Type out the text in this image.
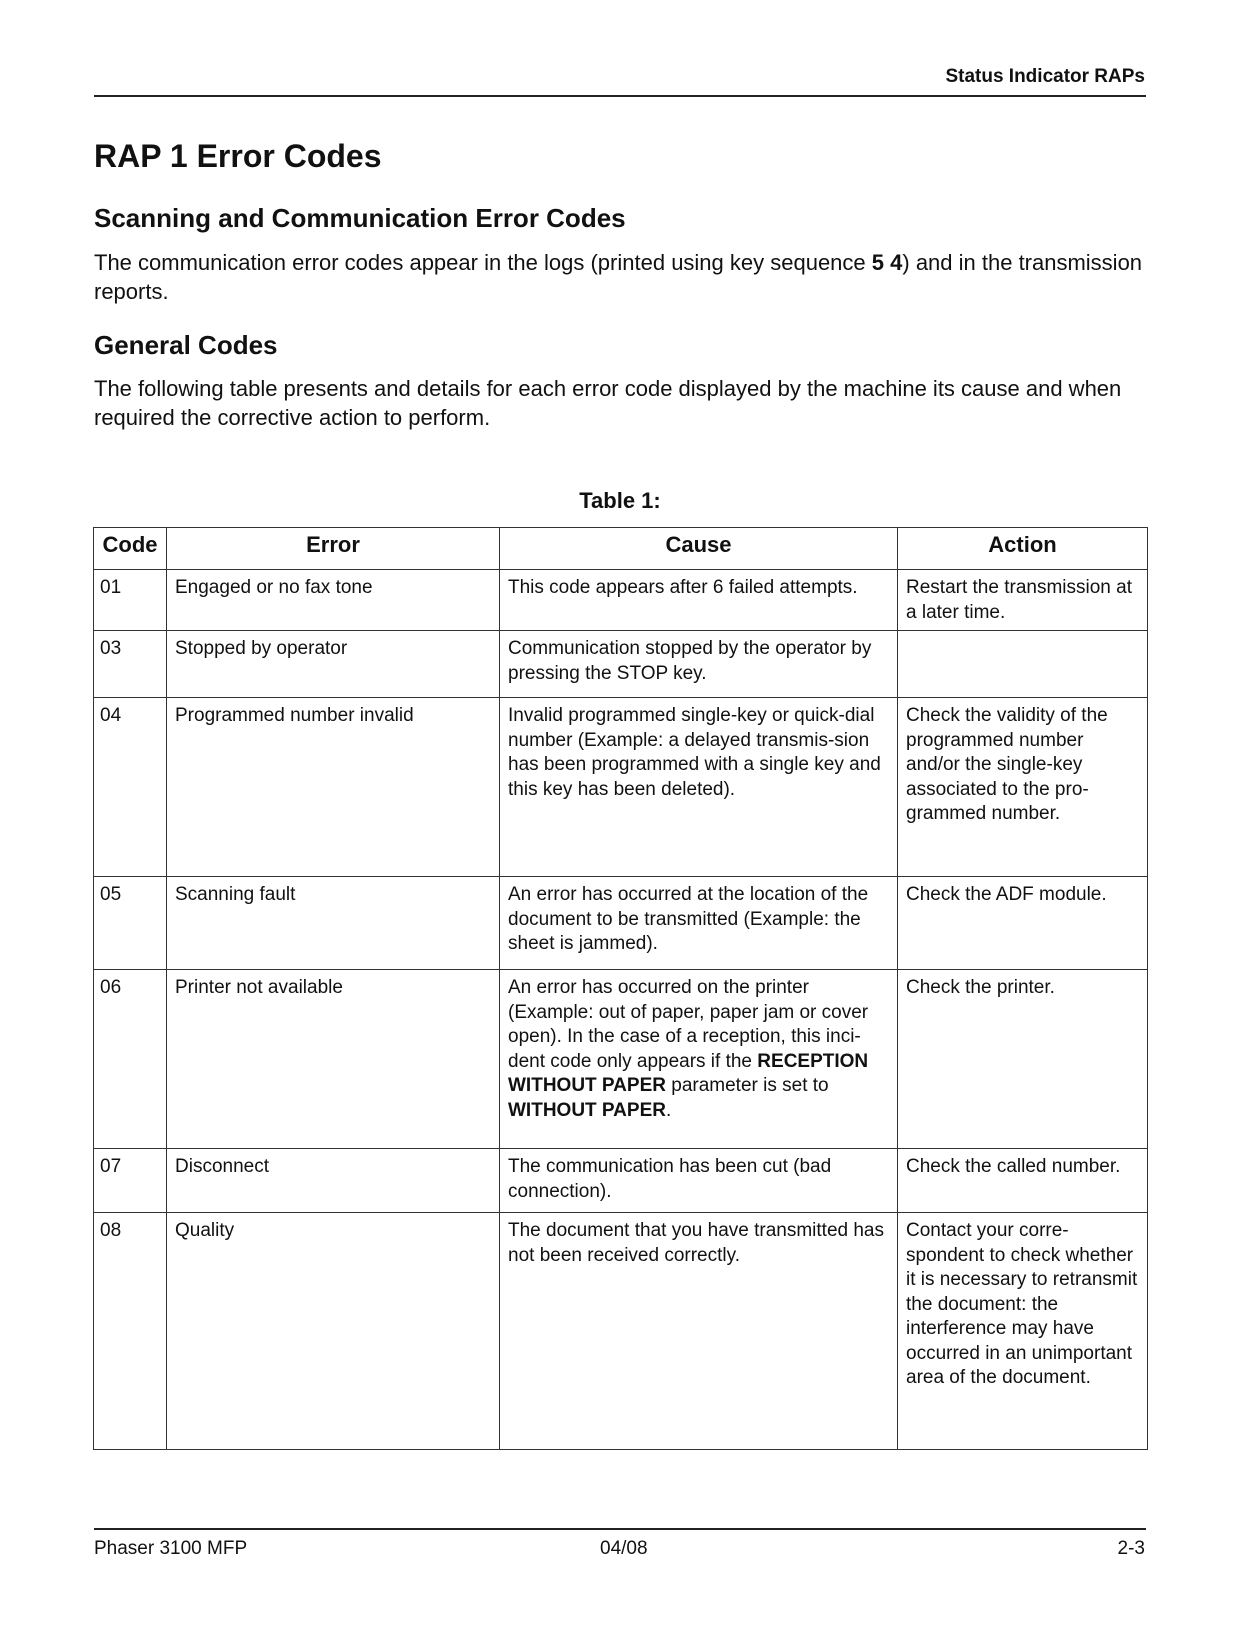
Status Indicator RAPs
RAP 1 Error Codes
Scanning and Communication Error Codes

The communication error codes appear in the logs (printed using key sequence 5 4) and in the transmission reports.

General Codes

The following table presents and details for each error code displayed by the machine its cause and when required the corrective action to perform.

Table 1:
Code	Error	Cause	Action
01	Engaged or no fax tone	This code appears after 6 failed attempts.	Restart the transmission at a later time.
03	Stopped by operator	Communication stopped by the operator by pressing the STOP key.	
04	Programmed number invalid	Invalid programmed single-key or quick-dial number (Example: a delayed transmis-sion has been programmed with a single key and this key has been deleted).	Check the validity of the programmed number and/or the single-key associated to the pro-grammed number.
05	Scanning fault	An error has occurred at the location of the document to be transmitted (Example: the sheet is jammed).	Check the ADF module.
06	Printer not available	An error has occurred on the printer (Example: out of paper, paper jam or cover open). In the case of a reception, this inci-dent code only appears if the RECEPTION WITHOUT PAPER parameter is set to WITHOUT PAPER.	Check the printer.
07	Disconnect	The communication has been cut (bad connection).	Check the called number.
08	Quality	The document that you have transmitted has not been received correctly.	Contact your corre-spondent to check whether it is necessary to retransmit the document: the interference may have occurred in an unimportant area of the document.
Phaser 3100 MFP	04/08	2-3
